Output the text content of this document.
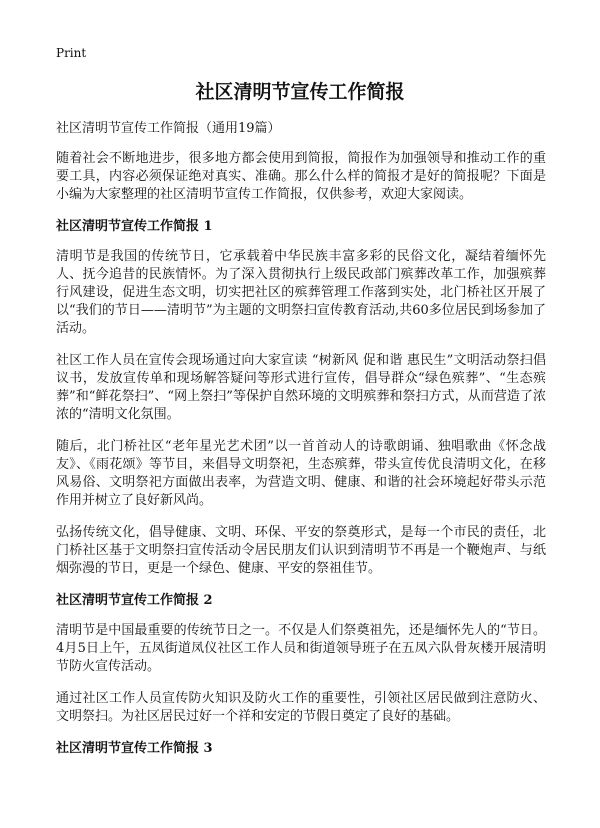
Print
社区清明节宣传工作简报

社区清明节宣传工作简报（通用19篇）

随着社会不断地进步，很多地方都会使用到简报，简报作为加强领导和推动工作的重要工具，内容必须保证绝对真实、准确。那么什么样的简报才是好的简报呢？下面是小编为大家整理的社区清明节宣传工作简报，仅供参考，欢迎大家阅读。

社区清明节宣传工作简报 1

清明节是我国的传统节日，它承载着中华民族丰富多彩的民俗文化，凝结着缅怀先人、抚今追昔的民族情怀。为了深入贯彻执行上级民政部门殡葬改革工作，加强殡葬行风建设，促进生态文明，切实把社区的殡葬管理工作落到实处，北门桥社区开展了以“我们的节日——清明节”为主题的文明祭扫宣传教育活动,共60多位居民到场参加了活动。

社区工作人员在宣传会现场通过向大家宣读 “树新风 促和谐 惠民生”文明活动祭扫倡议书，发放宣传单和现场解答疑问等形式进行宣传，倡导群众“绿色殡葬”、“生态殡葬”和“鲜花祭扫”、“网上祭扫”等保护自然环境的文明殡葬和祭扫方式，从而营造了浓浓的“清明文化氛围。

随后，北门桥社区“老年星光艺术团”以一首首动人的诗歌朗诵、独唱歌曲《怀念战友》、《雨花颂》等节目，来倡导文明祭祀，生态殡葬，带头宣传优良清明文化，在移风易俗、文明祭祀方面做出表率，为营造文明、健康、和谐的社会环境起好带头示范作用并树立了良好新风尚。

弘扬传统文化，倡导健康、文明、环保、平安的祭奠形式，是每一个市民的责任，北门桥社区基于文明祭扫宣传活动令居民朋友们认识到清明节不再是一个鞭炮声、与纸烟弥漫的节日，更是一个绿色、健康、平安的祭祖佳节。

社区清明节宣传工作简报 2

清明节是中国最重要的传统节日之一。不仅是人们祭奠祖先，还是缅怀先人的“节日。4月5日上午，五凤街道凤仪社区工作人员和街道领导班子在五凤六队骨灰楼开展清明节防火宣传活动。

通过社区工作人员宣传防火知识及防火工作的重要性，引领社区居民做到注意防火、文明祭扫。为社区居民过好一个祥和安定的节假日奠定了良好的基础。

社区清明节宣传工作简报 3
